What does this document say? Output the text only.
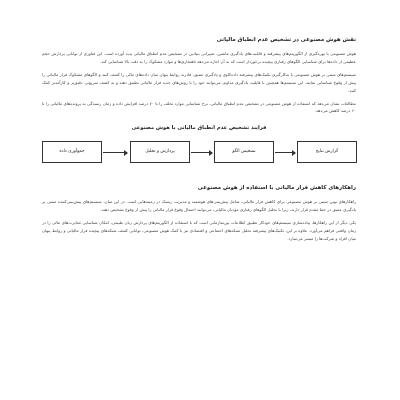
نقش هوش مصنوعی در تشخیص عدم انطباق مالیاتی

هوش مصنوعی با بهره‌گیری از الگوریتم‌های پیشرفته و قابلیت‌های یادگیری ماشین، تغییراتی بنیادین در تشخیص عدم انطباق مالیاتی پدید آورده است. این فناوری از توانایی پردازش حجم عظیمی از داده‌ها برای شناسایی الگوهای رفتاری پیچیده برخوردار است که به آن اجازه می‌دهد ناهنجاری‌ها و موارد مشکوک را به دقت بالا شناسایی کند.

سیستم‌های مبتنی بر هوش مصنوعی با به‌کارگیری تکنیک‌های پیشرفته داده‌کاوی و یادگیری عمیق، قادرند روابط پنهان میان داده‌های مالی را کشف کنند و الگوهای مشکوک فرار مالیاتی را پیش از وقوع شناسایی نمایند. این سیستم‌ها همچنین با قابلیت یادگیری مداوم، می‌توانند خود را با روش‌های جدید فرار مالیاتی تطبیق دهند و به کشف سریع‌تر، دقیق‌تر و کارآمدتر کمک کنند.

مطالعات نشان می‌دهد که استفاده از هوش مصنوعی در تشخیص عدم انطباق مالیاتی، نرخ شناسایی موارد تخلف را تا ۷۰ درصد افزایش داده و زمان رسیدگی به پرونده‌های مالیاتی را تا ۶۰ درصد کاهش می‌دهد.

فرایند تشخیص عدم انطباق مالیاتی با هوش مصنوعی
جمع‌آوری داده	پردازش و تحلیل	تشخیص الگو	گزارش نتایج
راهکارهای کاهش فرار مالیاتی با استفاده از هوش مصنوعی

راهکارهای نوین مبتنی بر هوش مصنوعی برای کاهش فرار مالیاتی، شامل پیش‌بینی‌های هوشمند و مدیریت ریسک در زمینه‌هایی است. در این میان، سیستم‌های پیش‌بینی‌کننده مبتنی بر یادگیری عمیق در خط مقدم قرار دارند، زیرا با تحلیل الگوهای رفتاری مؤدیان مالیاتی، می‌توانند احتمال وقوع فرار مالیاتی را پیش از وقوع تشخیص دهند.

یکی دیگر از این راهکارها، پیاده‌سازی سیستم‌های خودکار تطبیق اطلاعات بین‌سازمانی است که با استفاده از الگوریتم‌های پردازش زبان طبیعی، امکان شناسایی مغایرت‌های مالی را در زمان واقعی فراهم می‌آورد. علاوه بر این، تکنیک‌های پیشرفته تحلیل شبکه‌های اجتماعی و اقتصادی نیز با کمک هوش مصنوعی، توانایی کشف شبکه‌های پیچیده فرار مالیاتی و روابط پنهان میان افراد و شرکت‌ها را میسر می‌سازد.
